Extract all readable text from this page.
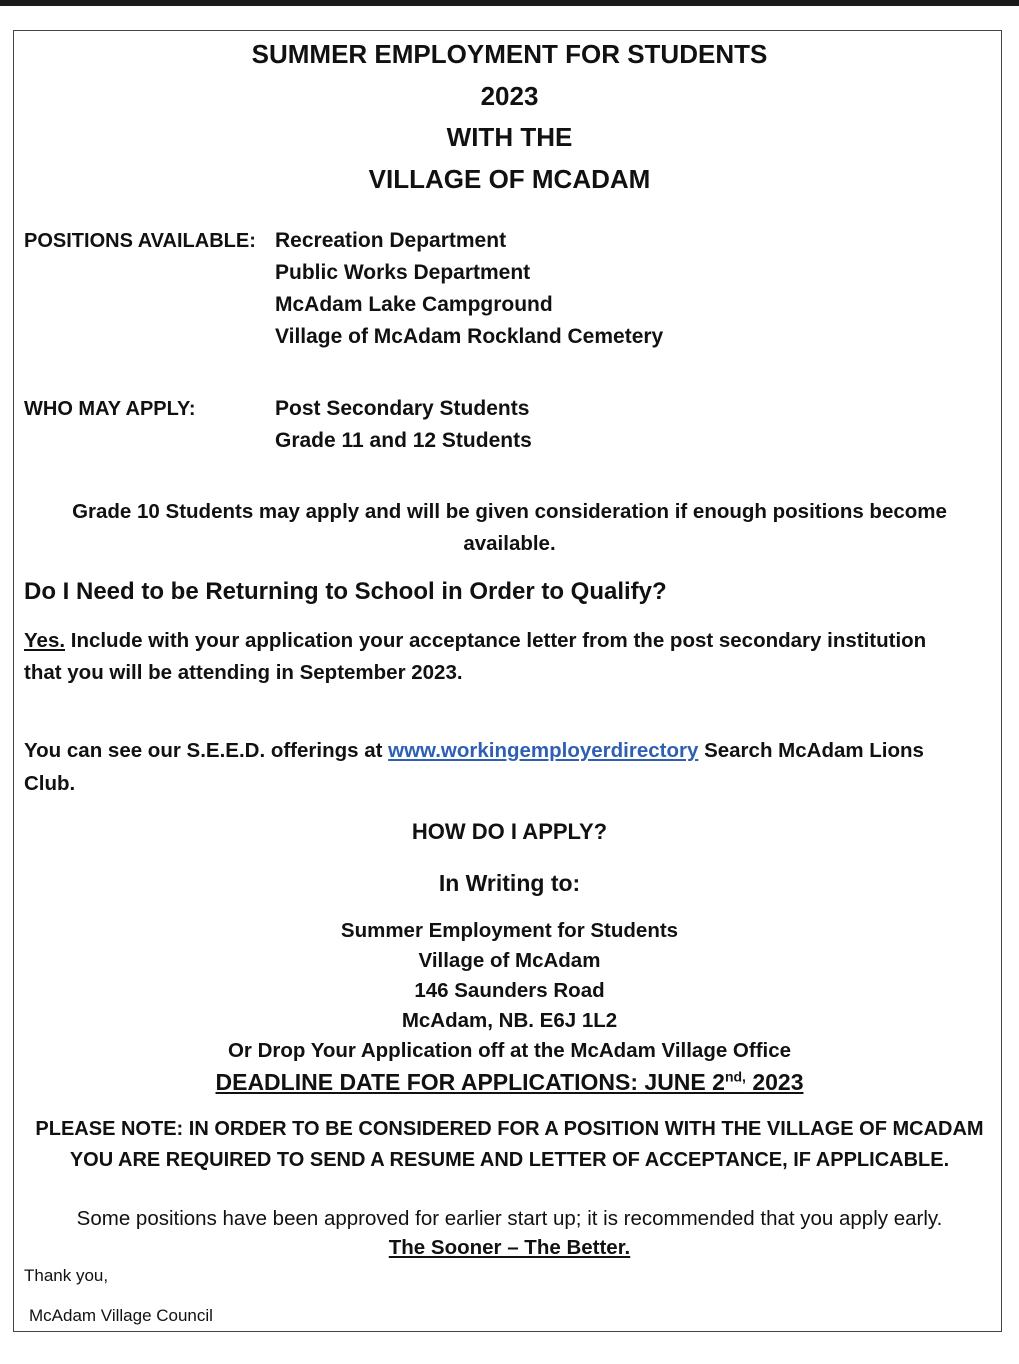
SUMMER EMPLOYMENT FOR STUDENTS
2023
WITH THE
VILLAGE OF MCADAM
POSITIONS AVAILABLE: Recreation Department
Public Works Department
McAdam Lake Campground
Village of McAdam Rockland Cemetery
WHO MAY APPLY:	Post Secondary Students
Grade 11 and 12 Students
Grade 10 Students may apply and will be given consideration if enough positions become
available.
Do I Need to be Returning to School in Order to Qualify?
Yes. Include with your application your acceptance letter from the post secondary institution
that you will be attending in September 2023.
You can see our S.E.E.D. offerings at www.workingemployerdirectory Search McAdam Lions
Club.
HOW DO I APPLY?
In Writing to:
Summer Employment for Students
Village of McAdam
146 Saunders Road
McAdam, NB. E6J 1L2
Or Drop Your Application off at the McAdam Village Office
DEADLINE DATE FOR APPLICATIONS: JUNE $2^{nd,}$ 2023
PLEASE NOTE: IN ORDER TO BE CONSIDERED FOR A POSITION WITH THE VILLAGE OF MCADAM
YOU ARE REQUIRED TO SEND A RESUME AND LETTER OF ACCEPTANCE, IF APPLICABLE.
Some positions have been approved for earlier start up; it is recommended that you apply early.
The Sooner – The Better.
Thank you,
McAdam Village Council
